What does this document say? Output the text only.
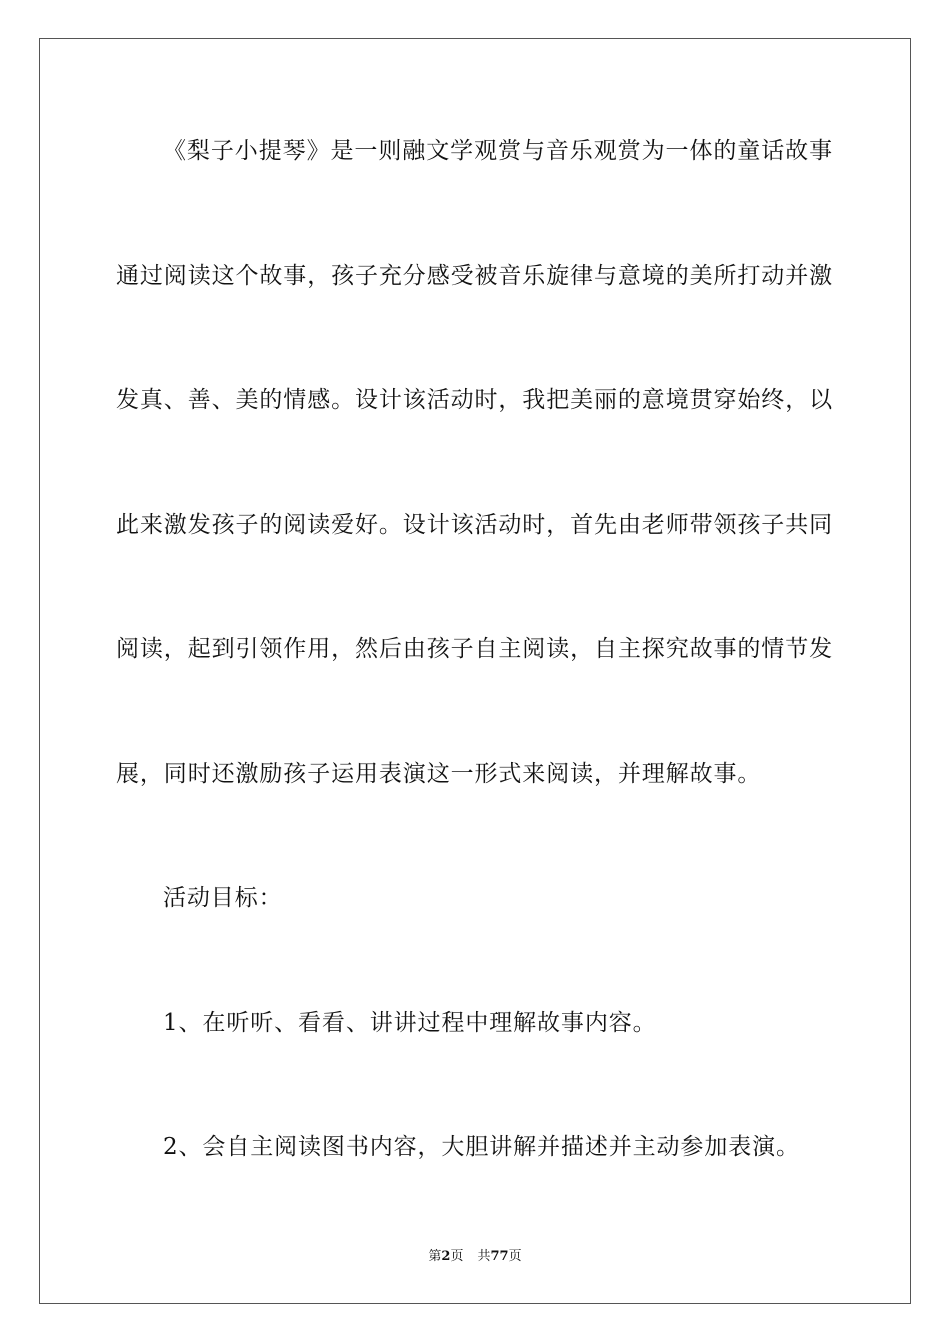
《梨子小提琴》是一则融文学观赏与音乐观赏为一体的童话故事
通过阅读这个故事，孩子充分感受被音乐旋律与意境的美所打动并激
发真、善、美的情感。设计该活动时，我把美丽的意境贯穿始终，以
此来激发孩子的阅读爱好。设计该活动时，首先由老师带领孩子共同
阅读，起到引领作用，然后由孩子自主阅读，自主探究故事的情节发
展，同时还激励孩子运用表演这一形式来阅读，并理解故事。
活动目标：
1、在听听、看看、讲讲过程中理解故事内容。
2、会自主阅读图书内容，大胆讲解并描述并主动参加表演。
第2页 共77页
